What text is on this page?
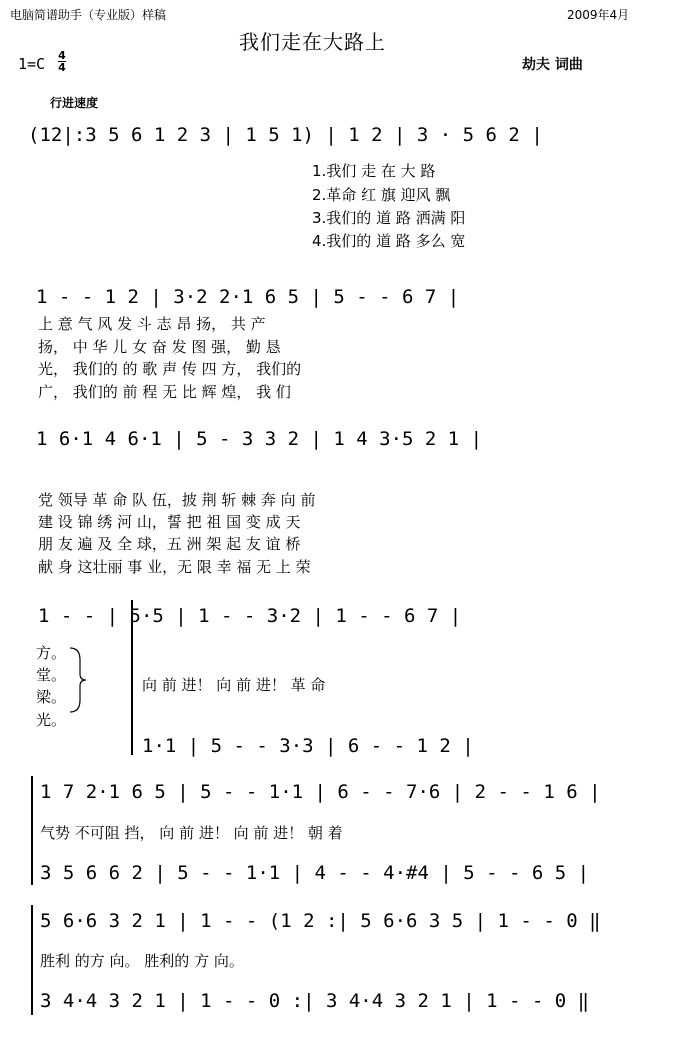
电脑简谱助手（专业版）样稿	2009年4月
我们走在大路上
1=C 4
4	劫夫 词曲
行进速度
(12|:3 5 6 1 2 3 | 1 5 1) | 1 2 | 3 · 5 6 2 |
1.我们 走 在 大 路
2.革命 红 旗 迎风 飘
3.我们的 道 路 洒满 阳
4.我们的 道 路 多么 宽
1 - - 1 2 | 3·2 2·1 6 5 | 5 - - 6 7 |
上 意 气 风 发 斗 志 昂 扬， 共 产
扬， 中 华 儿 女 奋 发 图 强， 勤 恳
光， 我们的 的 歌 声 传 四 方， 我们的
广， 我们的 前 程 无 比 辉 煌， 我 们
1 6·1 4 6·1 | 5 - 3 3 2 | 1 4 3·5 2 1 |
党 领导 革 命 队 伍，披 荆 斩 棘 奔 向 前
建 设 锦 绣 河 山，誓 把 祖 国 变 成 天
朋 友 遍 及 全 球，五 洲 架 起 友 谊 桥
献 身 这壮丽 事 业，无 限 幸 福 无 上 荣
1 - - | 5·5 | 1 - - 3·2 | 1 - - 6 7 |
方。
堂。
梁。
光。
向 前 进！ 向 前 进！ 革 命
1·1 | 5 - - 3·3 | 6 - - 1 2 |
1 7 2·1 6 5 | 5 - - 1·1 | 6 - - 7·6 | 2 - - 1 6 |
气势 不可阻 挡， 向 前 进！ 向 前 进！ 朝 着
3 5 6 6 2 | 5 - - 1·1 | 4 - - 4·#4 | 5 - - 6 5 |
5 6·6 3 2 1 | 1 - - (1 2 :| 5 6·6 3 5 | 1 - - 0 ‖
胜利 的方 向。 胜利的 方 向。
3 4·4 3 2 1 | 1 - - 0 :| 3 4·4 3 2 1 | 1 - - 0 ‖
